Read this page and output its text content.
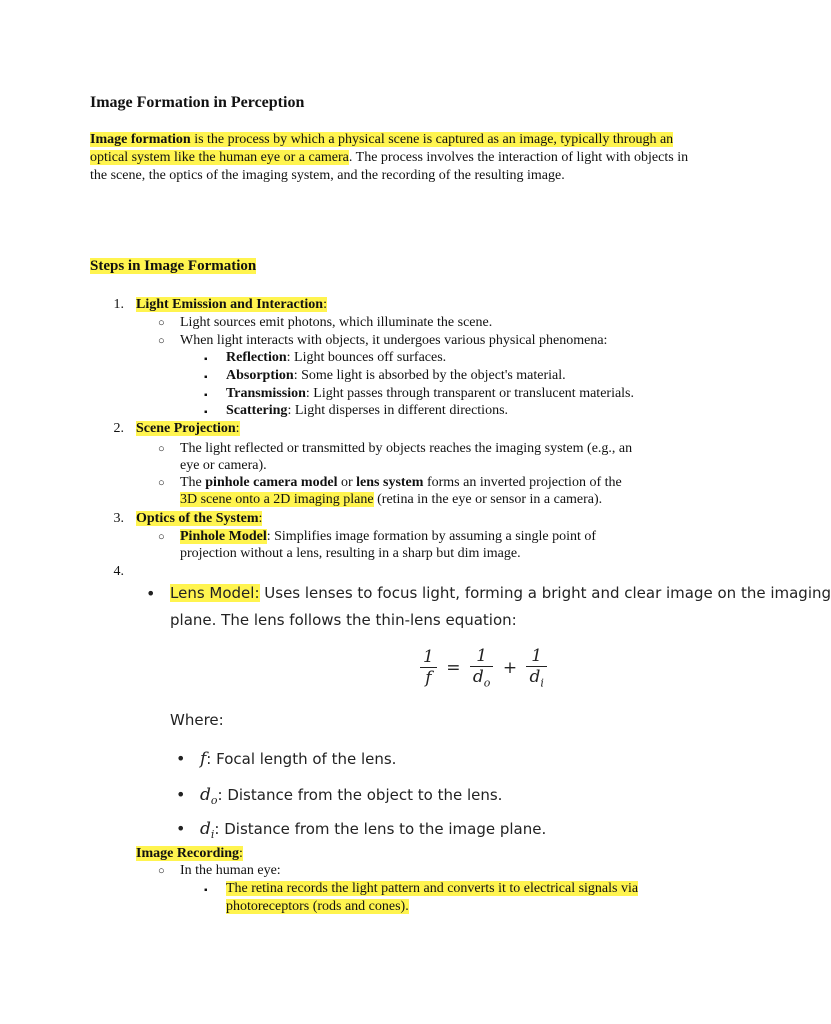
Image Formation in Perception
Image formation is the process by which a physical scene is captured as an image, typically through an optical system like the human eye or a camera. The process involves the interaction of light with objects in the scene, the optics of the imaging system, and the recording of the resulting image.
Steps in Image Formation
1. Light Emission and Interaction:
○ Light sources emit photons, which illuminate the scene.
○ When light interacts with objects, it undergoes various physical phenomena:
▪ Reflection: Light bounces off surfaces.
▪ Absorption: Some light is absorbed by the object's material.
▪ Transmission: Light passes through transparent or translucent materials.
▪ Scattering: Light disperses in different directions.
2. Scene Projection:
○ The light reflected or transmitted by objects reaches the imaging system (e.g., an
eye or camera).
○ The pinhole camera model or lens system forms an inverted projection of the
3D scene onto a 2D imaging plane (retina in the eye or sensor in a camera).
3. Optics of the System:
○ Pinhole Model: Simplifies image formation by assuming a single point of
projection without a lens, resulting in a sharp but dim image.
4.
• Lens Model: Uses lenses to focus light, forming a bright and clear image on the imaging
plane. The lens follows the thin-lens equation:
$\frac{1}{f} = \frac{1}{d_o} + \frac{1}{d_i}$
Where:
• f: Focal length of the lens.
• $d_o$: Distance from the object to the lens.
• $d_i$: Distance from the lens to the image plane.
Image Recording:
○ In the human eye:
▪ The retina records the light pattern and converts it to electrical signals via
photoreceptors (rods and cones).
